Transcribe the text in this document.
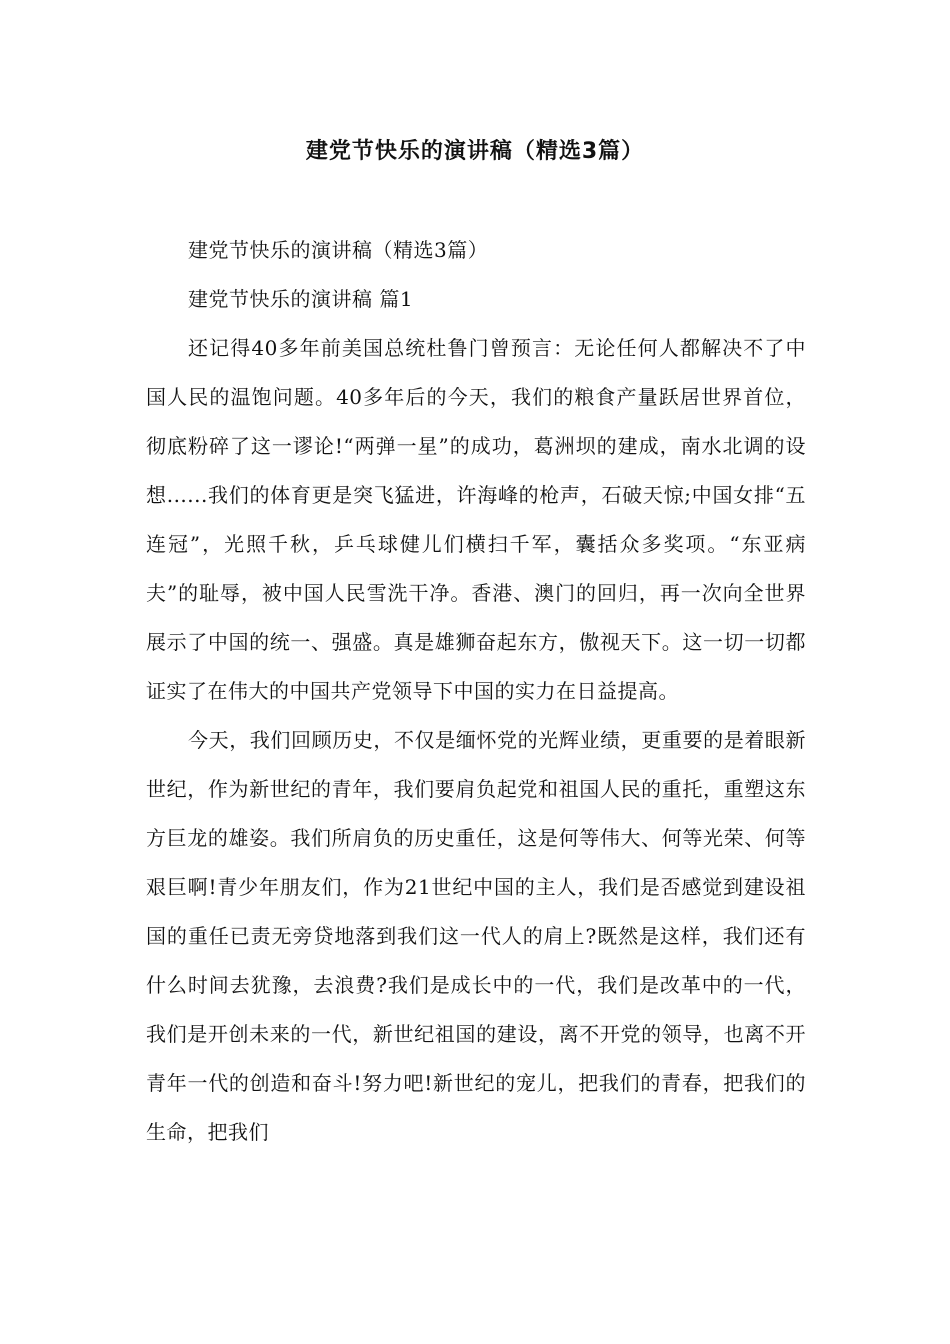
建党节快乐的演讲稿（精选3篇）

建党节快乐的演讲稿（精选3篇）

建党节快乐的演讲稿 篇1

还记得40多年前美国总统杜鲁门曾预言：无论任何人都解决不了中国人民的温饱问题。40多年后的今天，我们的粮食产量跃居世界首位，彻底粉碎了这一谬论!“两弹一星”的成功，葛洲坝的建成，南水北调的设想......我们的体育更是突飞猛进，许海峰的枪声，石破天惊;中国女排“五连冠”，光照千秋，乒乓球健儿们横扫千军，囊括众多奖项。“东亚病夫”的耻辱，被中国人民雪洗干净。香港、澳门的回归，再一次向全世界展示了中国的统一、强盛。真是雄狮奋起东方，傲视天下。这一切一切都证实了在伟大的中国共产党领导下中国的实力在日益提高。

今天，我们回顾历史，不仅是缅怀党的光辉业绩，更重要的是着眼新世纪，作为新世纪的青年，我们要肩负起党和祖国人民的重托，重塑这东方巨龙的雄姿。我们所肩负的历史重任，这是何等伟大、何等光荣、何等艰巨啊!青少年朋友们，作为21世纪中国的主人，我们是否感觉到建设祖国的重任已责无旁贷地落到我们这一代人的肩上?既然是这样，我们还有什么时间去犹豫，去浪费?我们是成长中的一代，我们是改革中的一代，我们是开创未来的一代，新世纪祖国的建设，离不开党的领导，也离不开青年一代的创造和奋斗!努力吧!新世纪的宠儿，把我们的青春，把我们的生命，把我们
